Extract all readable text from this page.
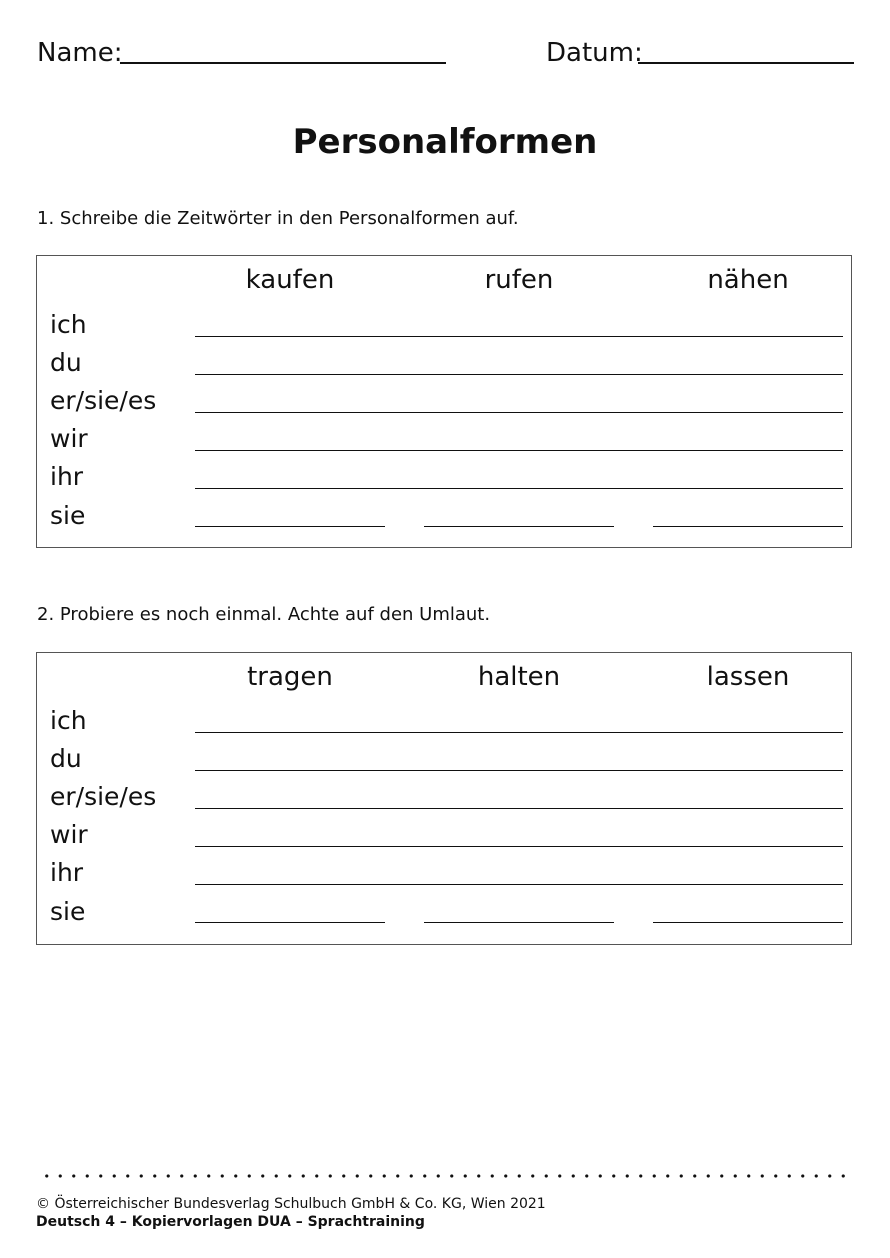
Name:	Datum:
Personalformen
1. Schreibe die Zeitwörter in den Personalformen auf.
kaufen	rufen	nähen
ich
du
er/sie/es
wir
ihr
sie
2. Probiere es noch einmal. Achte auf den Umlaut.
tragen	halten	lassen
ich
du
er/sie/es
wir
ihr
sie
© Österreichischer Bundesverlag Schulbuch GmbH & Co. KG, Wien 2021
Deutsch 4 – Kopiervorlagen DUA – Sprachtraining
